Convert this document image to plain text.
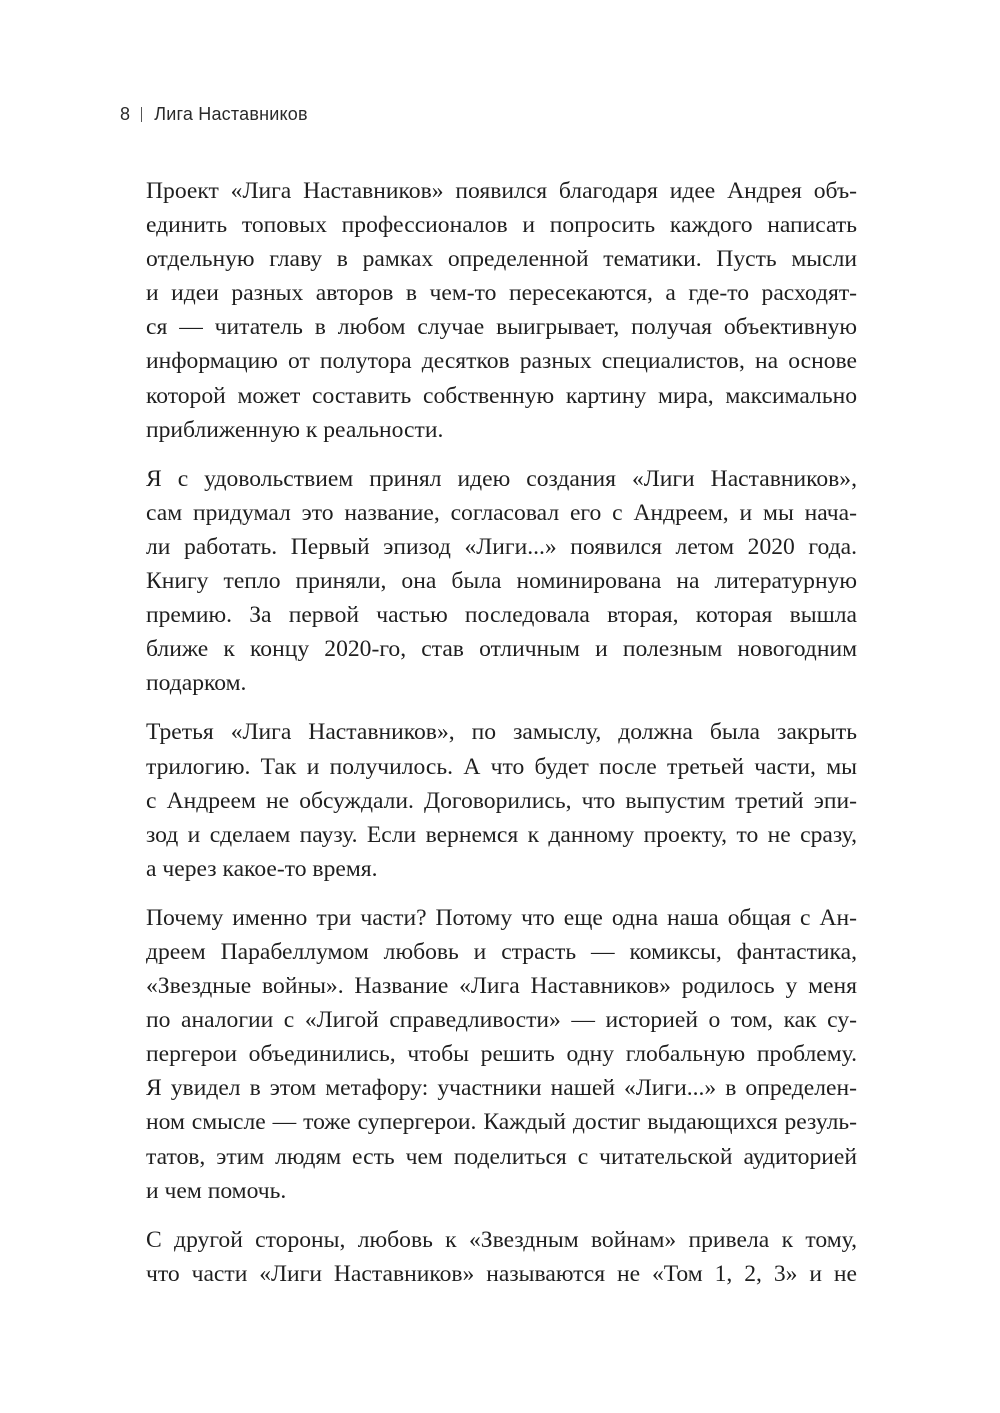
8 Лига Наставников
Проект «Лига Наставников» появился благодаря идее Андрея объ-
единить топовых профессионалов и попросить каждого написать
отдельную главу в рамках определенной тематики. Пусть мысли
и идеи разных авторов в чем-то пересекаются, а где-то расходят-
ся — читатель в любом случае выигрывает, получая объективную
информацию от полутора десятков разных специалистов, на основе
которой может составить собственную картину мира, максимально
приближенную к реальности.
Я с удовольствием принял идею создания «Лиги Наставников»,
сам придумал это название, согласовал его с Андреем, и мы нача-
ли работать. Первый эпизод «Лиги...» появился летом 2020 года.
Книгу тепло приняли, она была номинирована на литературную
премию. За первой частью последовала вторая, которая вышла
ближе к концу 2020-го, став отличным и полезным новогодним
подарком.
Третья «Лига Наставников», по замыслу, должна была закрыть
трилогию. Так и получилось. А что будет после третьей части, мы
с Андреем не обсуждали. Договорились, что выпустим третий эпи-
зод и сделаем паузу. Если вернемся к данному проекту, то не сразу,
а через какое-то время.
Почему именно три части? Потому что еще одна наша общая с Ан-
дреем Парабеллумом любовь и страсть — комиксы, фантастика,
«Звездные войны». Название «Лига Наставников» родилось у меня
по аналогии с «Лигой справедливости» — историей о том, как су-
пергерои объединились, чтобы решить одну глобальную проблему.
Я увидел в этом метафору: участники нашей «Лиги...» в определен-
ном смысле — тоже супергерои. Каждый достиг выдающихся резуль-
татов, этим людям есть чем поделиться с читательской аудиторией
и чем помочь.
С другой стороны, любовь к «Звездным войнам» привела к тому,
что части «Лиги Наставников» называются не «Том 1, 2, 3» и не
